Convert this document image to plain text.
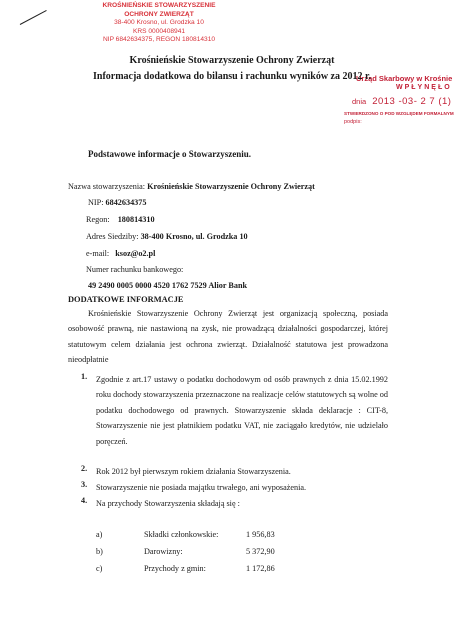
KROŚNIEŃSKIE STOWARZYSZENIE
OCHRONY ZWIERZĄT
38-400 Krosno, ul. Grodzka 10
KRS 0000408941
NIP 6842634375, REGON 180814310
Urząd Skarbowy w Krośnie
WPŁYNĘŁO
dnia 2013 -03- 2 7 (1)
STWIERDZONO O POD WZGLĘDEM FORMALNYM
podpis:
Krośnieńskie Stowarzyszenie Ochrony Zwierząt
Informacja dodatkowa do bilansu i rachunku wyników za 2012 r.
Podstawowe informacje o Stowarzyszeniu.
Nazwa stowarzyszenia: Krośnieńskie Stowarzyszenie Ochrony Zwierząt
NIP: 6842634375
Regon: 180814310
Adres Siedziby: 38-400 Krosno, ul. Grodzka 10
e-mail: ksoz@o2.pl
Numer rachunku bankowego:
49 2490 0005 0000 4520 1762 7529 Alior Bank
DODATKOWE INFORMACJE
Krośnieńskie Stowarzyszenie Ochrony Zwierząt jest organizacją społeczną, posiada osobowość prawną, nie nastawioną na zysk, nie prowadzącą działalności gospodarczej, której statutowym celem działania jest ochrona zwierząt. Działalność statutowa jest prowadzona nieodpłatnie
1. Zgodnie z art.17 ustawy o podatku dochodowym od osób prawnych z dnia 15.02.1992 roku dochody stowarzyszenia przeznaczone na realizacje celów statutowych są wolne od podatku dochodowego od prawnych. Stowarzyszenie składa deklaracje : CIT-8, Stowarzyszenie nie jest płatnikiem podatku VAT, nie zaciągało kredytów, nie udzielało poręczeń.
2. Rok 2012 był pierwszym rokiem działania Stowarzyszenia.
3. Stowarzyszenie nie posiada majątku trwałego, ani wyposażenia.
4. Na przychody Stowarzyszenia składają się :
a)	Składki członkowskie:	1 956,83
b)	Darowizny:	5 372,90
c)	Przychody z gmin:	1 172,86
